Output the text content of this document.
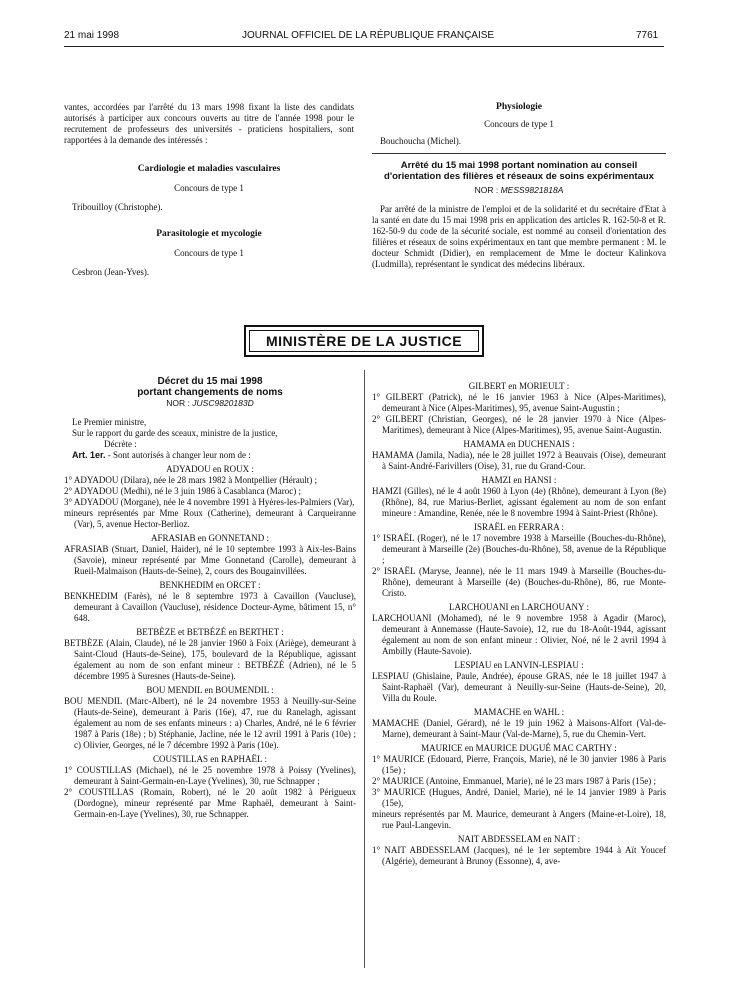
21 mai 1998	JOURNAL OFFICIEL DE LA RÉPUBLIQUE FRANÇAISE	7761

vantes, accordées par l'arrêté du 13 mars 1998 fixant la liste des candidats autorisés à participer aux concours ouverts au titre de l'année 1998 pour le recrutement de professeurs des universités - praticiens hospitaliers, sont rapportées à la demande des intéressés :

Cardiologie et maladies vasculaires

Concours de type 1

Tribouilloy (Christophe).

Parasitologie et mycologie

Concours de type 1

Cesbron (Jean-Yves).

Physiologie

Concours de type 1

Bouchoucha (Michel).

Arrêté du 15 mai 1998 portant nomination au conseil d'orientation des filières et réseaux de soins expérimentaux

NOR : MESS9821818A

Par arrêté de la ministre de l'emploi et de la solidarité et du secrétaire d'Etat à la santé en date du 15 mai 1998 pris en application des articles R. 162-50-8 et R. 162-50-9 du code de la sécurité sociale, est nommé au conseil d'orientation des filières et réseaux de soins expérimentaux en tant que membre permanent : M. le docteur Schmidt (Didier), en remplacement de Mme le docteur Kalinkova (Ludmilla), représentant le syndicat des médecins libéraux.

MINISTÈRE DE LA JUSTICE

Décret du 15 mai 1998

portant changements de noms

NOR : JUSC9820183D

Le Premier ministre,

Sur le rapport du garde des sceaux, ministre de la justice,

Décrète :

Art. 1er. - Sont autorisés à changer leur nom de :

ADYADOU en ROUX :

1° ADYADOU (Dilara), née le 28 mars 1982 à Montpellier (Hérault) ;

2° ADYADOU (Medhi), né le 3 juin 1986 à Casablanca (Maroc) ;

3° ADYADOU (Morgane), née le 4 novembre 1991 à Hyères-les-Palmiers (Var),

mineurs représentés par Mme Roux (Catherine), demeurant à Carqueiranne (Var), 5, avenue Hector-Berlioz.

AFRASIAB en GONNETAND :

AFRASIAB (Stuart, Daniel, Haider), né le 10 septembre 1993 à Aix-les-Bains (Savoie), mineur représenté par Mme Gonnetand (Carolle), demeurant à Rueil-Malmaison (Hauts-de-Seine), 2, cours des Bougainvillées.

BENKHEDIM en ORCET :

BENKHEDIM (Farès), né le 8 septembre 1973 à Cavaillon (Vaucluse), demeurant à Cavaillon (Vaucluse), résidence Docteur-Ayme, bâtiment 15, n° 648.

BETBÈZE et BETBÉZÉ en BERTHET :

BETBÈZE (Alain, Claude), né le 28 janvier 1960 à Foix (Ariège), demeurant à Saint-Cloud (Hauts-de-Seine), 175, boulevard de la République, agissant également au nom de son enfant mineur : BETBÉZÉ (Adrien), né le 5 décembre 1995 à Suresnes (Hauts-de-Seine).

BOU MENDIL en BOUMENDIL :

BOU MENDIL (Marc-Albert), né le 24 novembre 1953 à Neuilly-sur-Seine (Hauts-de-Seine), demeurant à Paris (16e), 47, rue du Ranelagh, agissant également au nom de ses enfants mineurs : a) Charles, André, né le 6 février 1987 à Paris (18e) ; b) Stéphanie, Jacline, née le 12 avril 1991 à Paris (10e) ; c) Olivier, Georges, né le 7 décembre 1992 à Paris (10e).

COUSTILLAS en RAPHAËL :

1° COUSTILLAS (Michael), né le 25 novembre 1978 à Poissy (Yvelines), demeurant à Saint-Germain-en-Laye (Yvelines), 30, rue Schnapper ;

2° COUSTILLAS (Romain, Robert), né le 20 août 1982 à Périgueux (Dordogne), mineur représenté par Mme Raphaël, demeurant à Saint-Germain-en-Laye (Yvelines), 30, rue Schnapper.

GILBERT en MORIEULT :

1° GILBERT (Patrick), né le 16 janvier 1963 à Nice (Alpes-Maritimes), demeurant à Nice (Alpes-Maritimes), 95, avenue Saint-Augustin ;

2° GILBERT (Christian, Georges), né le 28 janvier 1970 à Nice (Alpes-Maritimes), demeurant à Nice (Alpes-Maritimes), 95, avenue Saint-Augustin.

HAMAMA en DUCHENAIS :

HAMAMA (Jamila, Nadia), née le 28 juillet 1972 à Beauvais (Oise), demeurant à Saint-André-Farivillers (Oise), 31, rue du Grand-Cour.

HAMZI en HANSI :

HAMZI (Gilles), né le 4 août 1960 à Lyon (4e) (Rhône), demeurant à Lyon (8e) (Rhône), 84, rue Marius-Berliet, agissant également au nom de son enfant mineure : Amandine, Renée, née le 8 novembre 1994 à Saint-Priest (Rhône).

ISRAËL en FERRARA :

1° ISRAËL (Roger), né le 17 novembre 1938 à Marseille (Bouches-du-Rhône), demeurant à Marseille (2e) (Bouches-du-Rhône), 58, avenue de la République ;

2° ISRAËL (Maryse, Jeanne), née le 11 mars 1949 à Marseille (Bouches-du-Rhône), demeurant à Marseille (4e) (Bouches-du-Rhône), 86, rue Monte-Cristo.

LARCHOUANI en LARCHOUANY :

LARCHOUANI (Mohamed), né le 9 novembre 1958 à Agadir (Maroc), demeurant à Annemasse (Haute-Savoie), 12, rue du 18-Août-1944, agissant également au nom de son enfant mineur : Olivier, Noé, né le 2 avril 1994 à Ambilly (Haute-Savoie).

LESPIAU en LANVIN-LESPIAU :

LESPIAU (Ghislaine, Paule, Andrée), épouse GRAS, née le 18 juillet 1947 à Saint-Raphaël (Var), demeurant à Neuilly-sur-Seine (Hauts-de-Seine), 20, Villa du Roule.

MAMACHE en WAHL :

MAMACHE (Daniel, Gérard), né le 19 juin 1962 à Maisons-Alfort (Val-de-Marne), demeurant à Saint-Maur (Val-de-Marne), 5, rue du Chemin-Vert.

MAURICE en MAURICE DUGUÉ MAC CARTHY :

1° MAURICE (Edouard, Pierre, François, Marie), né le 30 janvier 1986 à Paris (15e) ;

2° MAURICE (Antoine, Emmanuel, Marie), né le 23 mars 1987 à Paris (15e) ;

3° MAURICE (Hugues, André, Daniel, Marie), né le 14 janvier 1989 à Paris (15e),

mineurs représentés par M. Maurice, demeurant à Angers (Maine-et-Loire), 18, rue Paul-Langevin.

NAIT ABDESSELAM en NAIT :

1° NAIT ABDESSELAM (Jacques), né le 1er septembre 1944 à Aït Youcef (Algérie), demeurant à Brunoy (Essonne), 4, ave-
